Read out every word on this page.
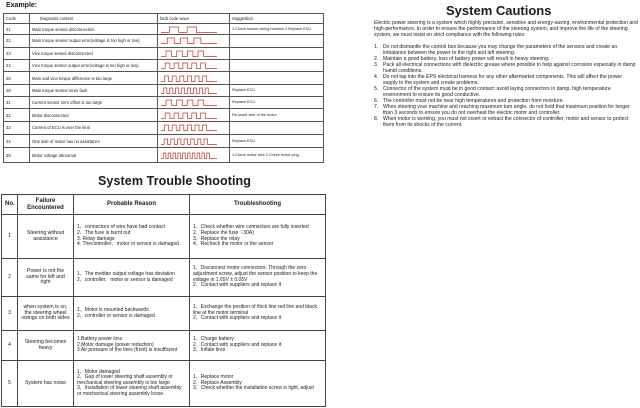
Example:
Code	Diagnosis content	fault code wave	Suggestion
21	Main torque sensor disconnection		1.Check sensor wiring harness 2.Replace ECU
22	Main torque sensor output error(voltage is too high or low)	

23	Vice torque sensor disconnected	

24	Vice torque sensor output error(voltage is too high or low)	

25	Main and vice torque difference is too large	

28	Main torque sensor inner fault		Replace ECU
31	Current sensor zero offset is too large		Replace ECU
32	Motor disconnected		Re-insert wire of the motor
33	Current of ECU is over the limit	

34	One side of motor has no assistance		Replace ECU
38	Motor voltage abnormal		1.Check motor wire 2.Check motor plug
System Trouble Shooting
No.	Failure Encountered	Probable Reason	Troubleshooting
1	Steering without assistance	1、connectors of wire have bad contact
2、The fuse is burnt out
3. Relay damage
4. Thecontroller、motor or sensor is damaged	1、Check whether wire connectors are fully inserted
2、Replace the fuse（30A)
3、Replace the relay
4、Recheck the motor or the sensor

2	Power is not the same for left and right	1、The median output voltage has deviation
2、controller、motor or sensor is damaged	1、Disconnect motor connectors. Through the zero adjustment screw, adjust the sensor position to keep the voltage in 1.65V ± 0.05V
2、Contact with suppliers and replace it

3	when system is on, the steering wheel swings on both sides	1、Motor is mounted backwards
2、controller or sensor is damaged	1、Exchange the position of thick line red line and black line at the motor terminal
2、Contact with suppliers and replace it

4	Steering becomes heavy	1.Battery power loss
2.Motor damage (power reduction)
3 Air pressure of the tires (front) is insufficient	1、Charge battery
2、Contact with suppliers and replace it
3、Inflate tires

5	System has noise	1、Motor damaged
2、Gap of lower steering shaft assembly or mechanical steering assembly is too large
3、Installation of lower steering shaft assembly or mechanical steering assembly loose	1、Replace motor
2、Replace Assembly
3、Check whether the installation screw is tight, adjust
System Cautions
Electric power steering is a system which highly precision, sensitive and energy-saving, environmental protection and high-performance. In order to ensure the performance of the steering system, and improve the life of the steering system, we must insist on strict compliance with the following rules:
1. Do not dismantle the control box because you may change the parameters of the sensors and create an imbalance between the power to the right and left steering.
2. Maintain a good battery, loss of battery power will result in heavy steering.
3. Pack all electrical connections with dielectric grease where possible to help against corrosion especially in damp humid conditions.
4. Do not tap into the EPS electrical harness for any other aftermarket components. This will affect the power supply to the system and create problems.
5. Connector of the system must be in good contact: avoid laying connectors in damp, high temperature environment to ensure its good conductive.
6. The controller must not be near high temperatures and protection from moisture.
7. When steering your machine and reaching maximum turn angle, do not hold that maximum position for longer than 3 seconds to ensure you do not overheat the electric motor and controller.
8. When motor is working, you must not insert or extract the connector of controller, motor and sensor to protect them from its shocks of the current.
